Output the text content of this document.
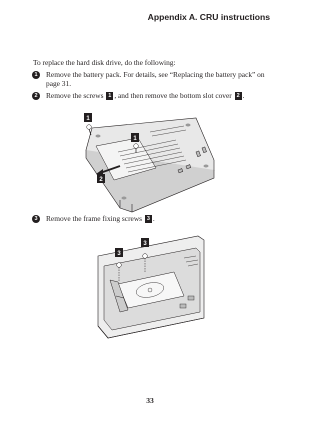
Appendix A. CRU instructions
To replace the hard disk drive, do the following:
1	Remove the battery pack. For details, see “Replacing the battery pack” on
page 31.
2	Remove the screws 1 , and then remove the bottom slot cover 2 .
3	Remove the frame fixing screws 3 .
1
1
2
3
3
33
